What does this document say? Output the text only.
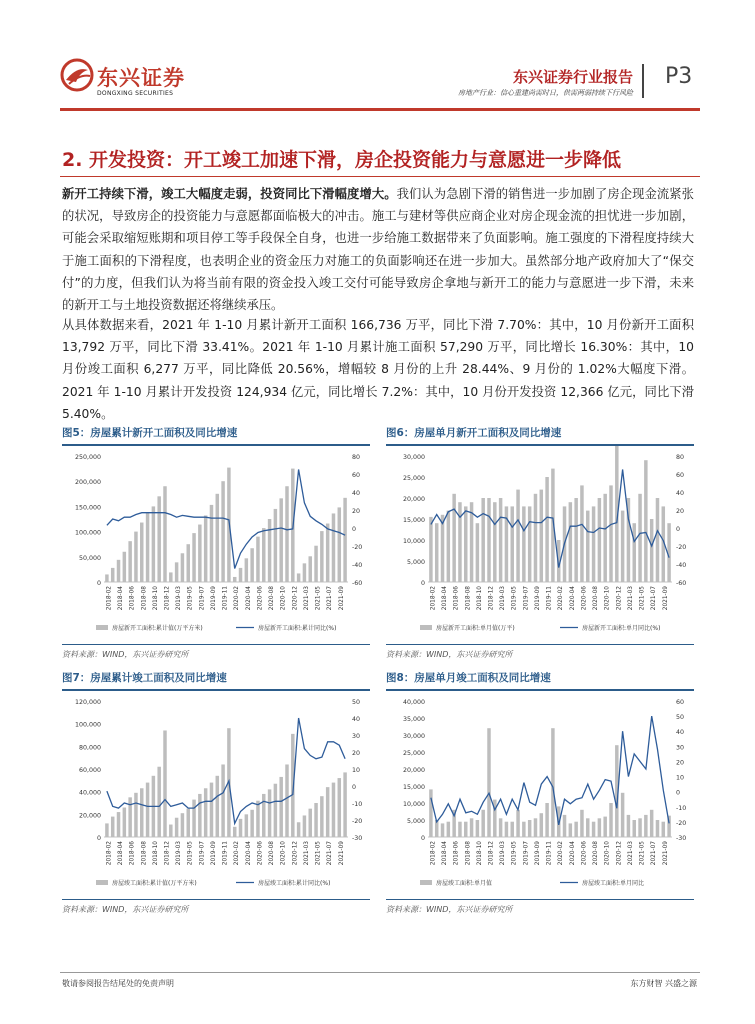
东兴证券
DONGXING SECURITIES
东兴证券行业报告
房地产行业：信心重建尚需时日，供需两弱持续下行风险
P3
2. 开发投资：开工竣工加速下滑，房企投资能力与意愿进一步降低
新开工持续下滑，竣工大幅度走弱，投资同比下滑幅度增大。我们认为急剧下滑的销售进一步加剧了房企现金流紧张的状况，导致房企的投资能力与意愿都面临极大的冲击。施工与建材等供应商企业对房企现金流的担忧进一步加剧，可能会采取缩短账期和项目停工等手段保全自身，也进一步给施工数据带来了负面影响。施工强度的下滑程度持续大于施工面积的下滑程度，也表明企业的资金压力对施工的负面影响还在进一步加大。虽然部分地产政府加大了“保交付”的力度，但我们认为将当前有限的资金投入竣工交付可能导致房企拿地与新开工的能力与意愿进一步下滑，未来的新开工与土地投资数据还将继续承压。
从具体数据来看，2021 年 1-10 月累计新开工面积 166,736 万平，同比下滑 7.70%：其中，10 月份新开工面积 13,792 万平，同比下滑 33.41%。2021 年 1-10 月累计施工面积 57,290 万平，同比增长 16.30%：其中，10 月份竣工面积 6,277 万平，同比降低 20.56%，增幅较 8 月份的上升 28.44%、9 月份的 1.02%大幅度下滑。2021 年 1-10 月累计开发投资 124,934 亿元，同比增长 7.2%：其中，10 月份开发投资 12,366 亿元，同比下滑 5.40%。
图5：房屋累计新开工面积及同比增速
250,000
200,000
150,000
100,000
50,000
0
80
60
40
20
0
-20
-40
-60
2018-02 2018-04 2018-06 2018-08 2018-10 2018-12 2019-03 2019-05 2019-07 2019-09 2019-11 2020-02 2020-04 2020-06 2020-08 2020-10 2020-12 2021-03 2021-05 2021-07 2021-09
房屋新开工面积:累计值(万平方米)	房屋新开工面积:累计同比(%)
资料来源：WIND，东兴证券研究所
图6：房屋单月新开工面积及同比增速
30,000
25,000
20,000
15,000
10,000
5,000
0
80
60
40
20
0
-20
-40
-60
2018-02 2018-04 2018-06 2018-08 2018-10 2018-12 2019-03 2019-05 2019-07 2019-09 2019-11 2020-02 2020-04 2020-06 2020-08 2020-10 2020-12 2021-03 2021-05 2021-07 2021-09
房屋新开工面积:单月值(万平)	房屋新开工面积:单月同比(%)
资料来源：WIND，东兴证券研究所
图7：房屋累计竣工面积及同比增速
120,000
100,000
80,000
60,000
40,000
20,000
0
50
40
30
20
10
0
-10
-20
-30
2018-02 2018-04 2018-06 2018-08 2018-10 2018-12 2019-03 2019-05 2019-07 2019-09 2019-11 2020-02 2020-04 2020-06 2020-08 2020-10 2020-12 2021-03 2021-05 2021-07 2021-09
房屋竣工面积:累计值(万平方米)	房屋竣工面积:累计同比(%)
资料来源：WIND，东兴证券研究所
图8：房屋单月竣工面积及同比增速
40,000
35,000
30,000
25,000
20,000
15,000
10,000
5,000
0
60
50
40
30
20
10
0
-10
-20
-30
2018-02 2018-04 2018-06 2018-08 2018-10 2018-12 2019-03 2019-05 2019-07 2019-09 2019-11 2020-02 2020-04 2020-06 2020-08 2020-10 2020-12 2021-03 2021-05 2021-07 2021-09
房屋竣工面积:单月值	房屋竣工面积:单月同比
资料来源：WIND，东兴证券研究所
敬请参阅报告结尾处的免责声明	东方财智 兴盛之源
